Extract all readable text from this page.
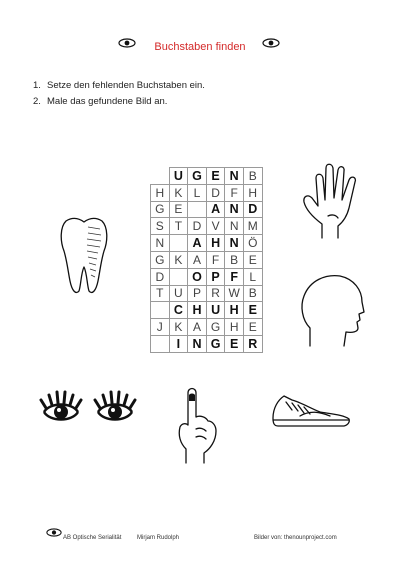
Buchstaben finden
1. Setze den fehlenden Buchstaben ein.
2. Male das gefundene Bild an.
	U	G	E	N	B
H	K	L	D	F	H
G	E		A	N	D
S	T	D	V	N	M
N		A	H	N	Ö
G	K	A	F	B	E
D		O	P	F	L
T	U	P	R	W	B
	C	H	U	H	E
J	K	A	G	H	E
	I	N	G	E	R
AB Optische Serialität	Mirjam Rudolph	Bilder von: thenounproject.com
